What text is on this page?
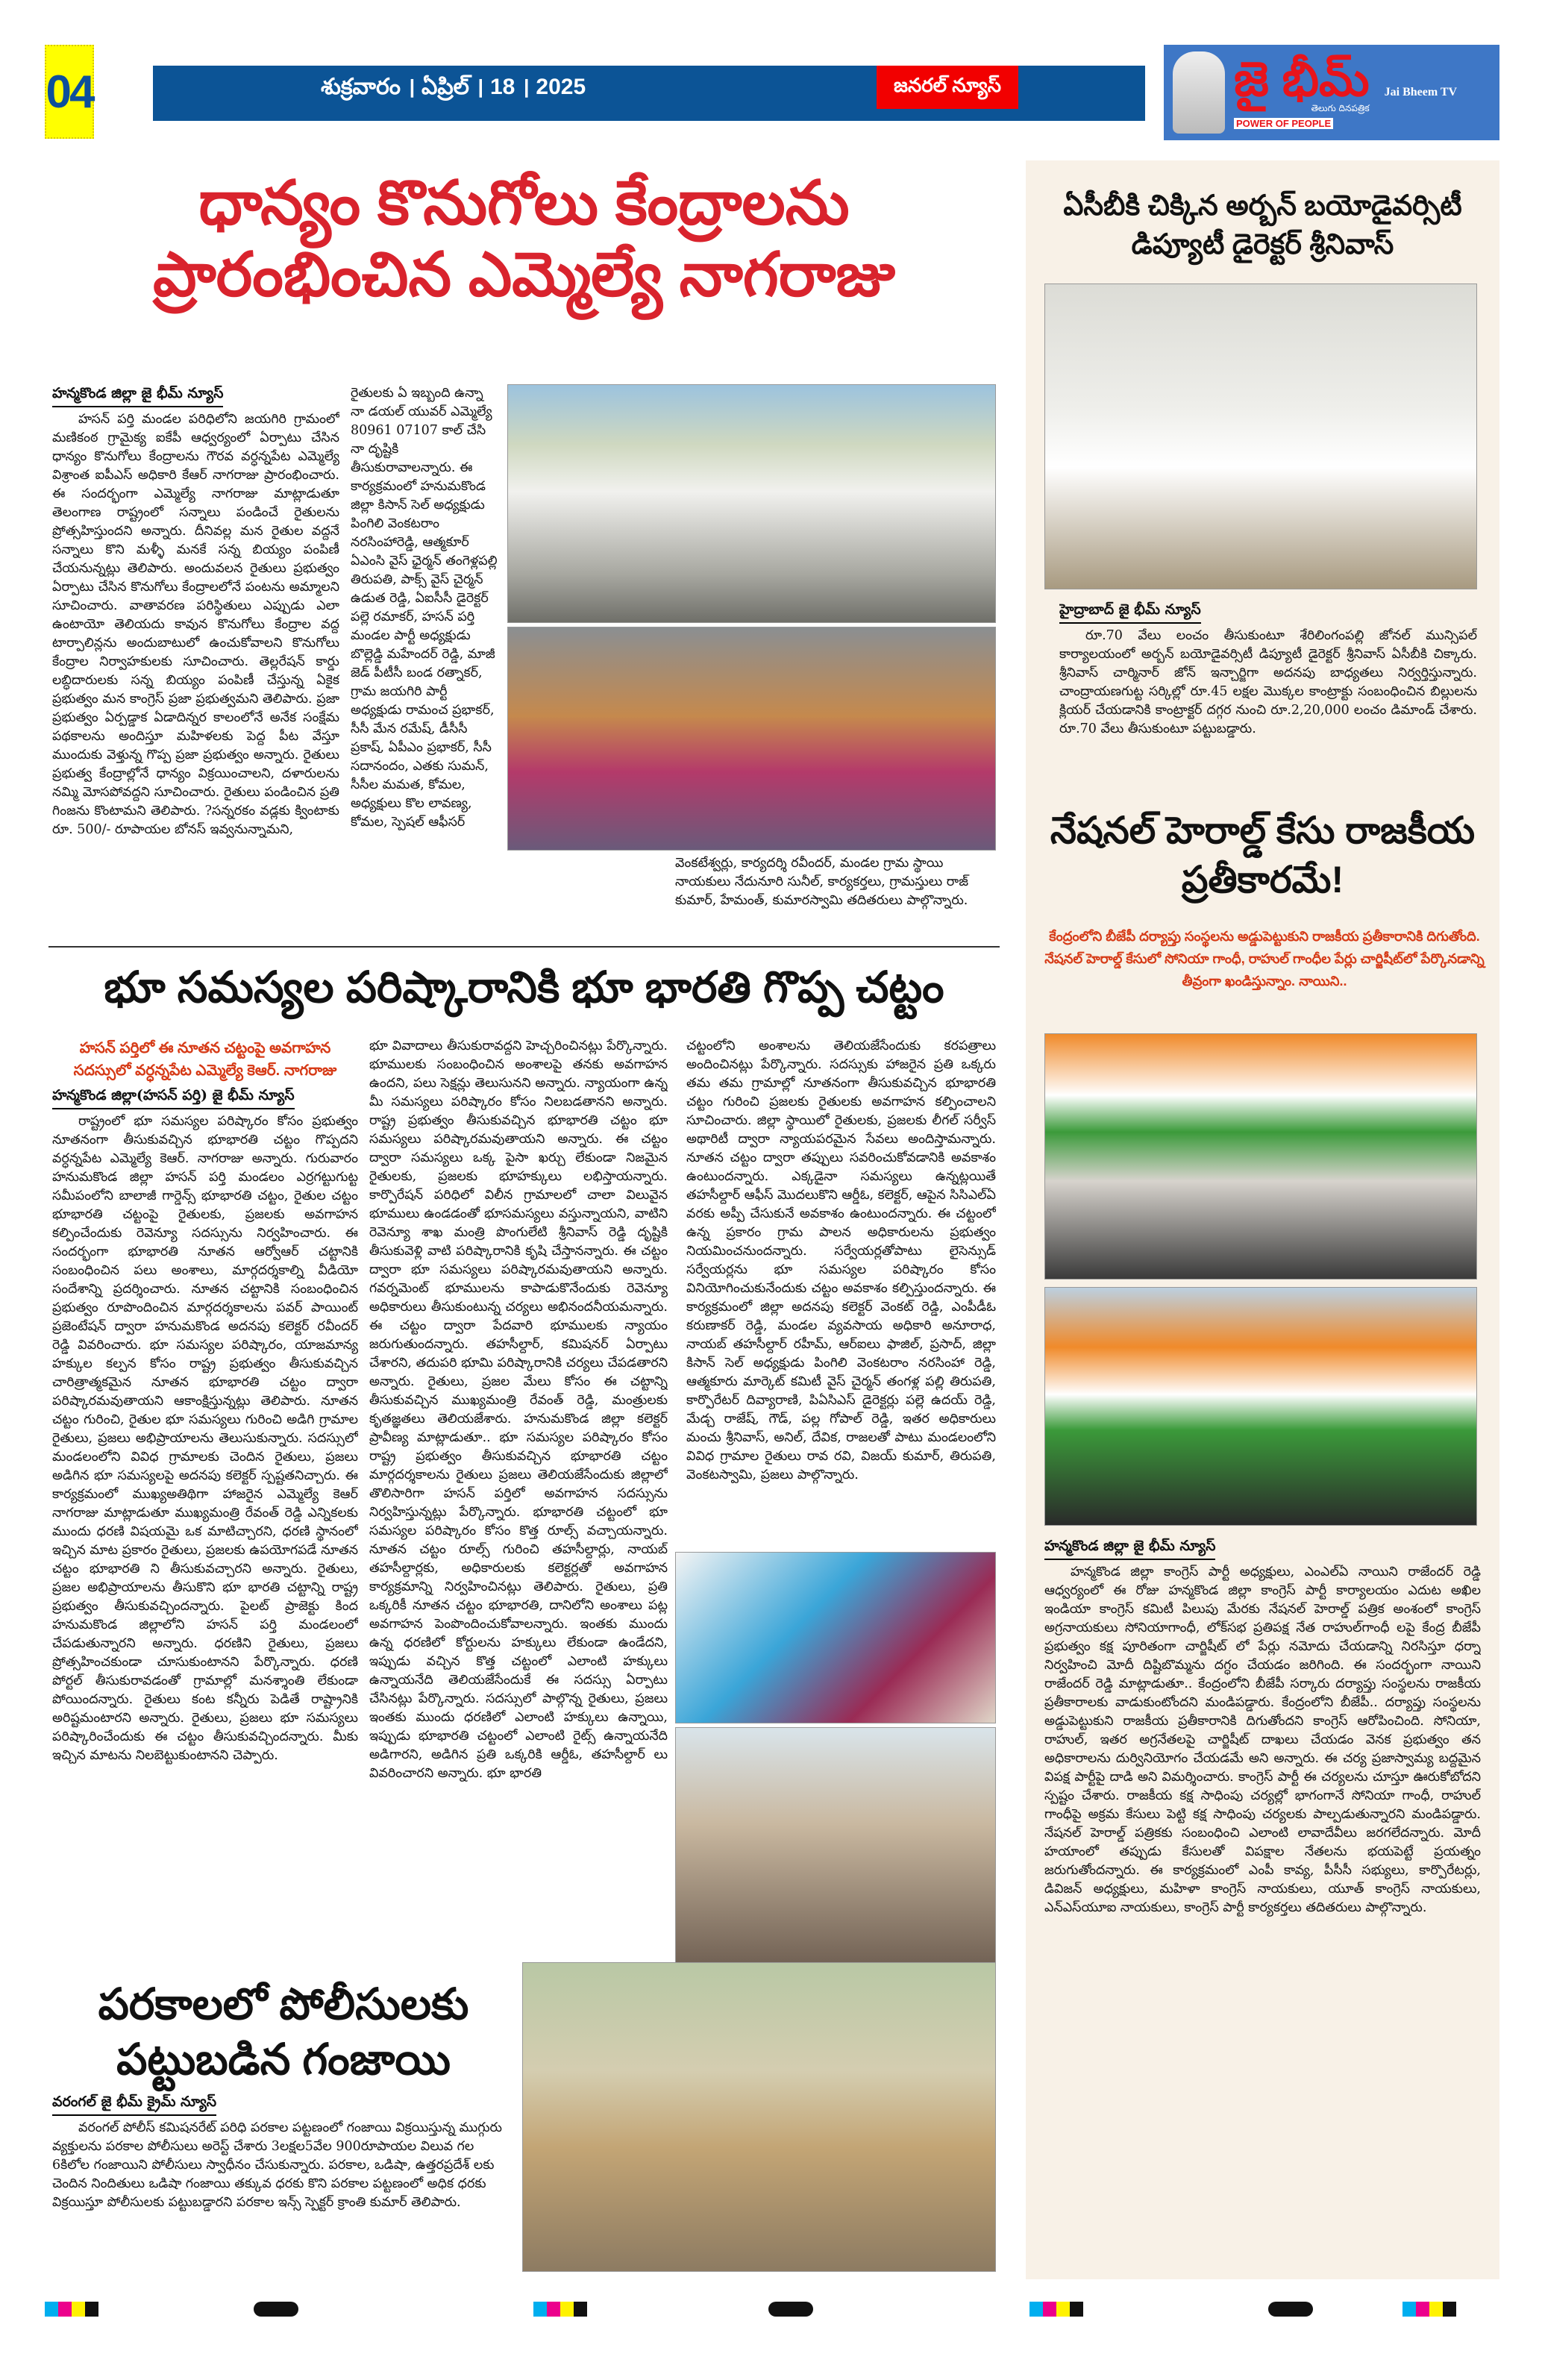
04	శుక్రవారం । ఏప్రిల్ । 18 । 2025	జనరల్ న్యూస్	జై భీమ్
తెలుగు దినపత్రిక
POWER OF PEOPLE
Jai Bheem TV
ధాన్యం కొనుగోలు కేంద్రాలను ప్రారంభించిన ఎమ్మెల్యే నాగరాజు
హన్మకొండ జిల్లా జై భీమ్ న్యూస్

హసన్ పర్తి మండల పరిధిలోని జయగిరి గ్రామంలో మణికంఠ గ్రామైక్య ఐకేపీ ఆధ్వర్యంలో ఏర్పాటు చేసిన ధాన్యం కొనుగోలు కేంద్రాలను గౌరవ వర్ధన్నపేట ఎమ్మెల్యే విశ్రాంత ఐపీఎస్ అధికారి కేఆర్ నాగరాజు ప్రారంభించారు. ఈ సందర్భంగా ఎమ్మెల్యే నాగరాజు మాట్లాడుతూ తెలంగాణ రాష్ట్రంలో సన్నాలు పండించే రైతులను ప్రోత్సహిస్తుందని అన్నారు. దీనివల్ల మన రైతుల వద్దనే సన్నాలు కొని మళ్ళీ మనకే సన్న బియ్యం పంపిణీ చేయనున్నట్లు తెలిపారు. అందువలన రైతులు ప్రభుత్వం ఏర్పాటు చేసిన కొనుగోలు కేంద్రాలలోనే పంటను అమ్మాలని సూచించారు. వాతావరణ పరిస్థితులు ఎప్పుడు ఎలా ఉంటాయో తెలియదు కావున కొనుగోలు కేంద్రాల వద్ద టార్పాలిన్లను అందుబాటులో ఉంచుకోవాలని కొనుగోలు కేంద్రాల నిర్వాహకులకు సూచించారు. తెల్లరేషన్ కార్డు లబ్ధిదారులకు సన్న బియ్యం పంపిణీ చేస్తున్న ఏకైక ప్రభుత్వం మన కాంగ్రెస్ ప్రజా ప్రభుత్వమని తెలిపారు. ప్రజా ప్రభుత్వం ఏర్పడ్డాక ఏడాదిన్నర కాలంలోనే అనేక సంక్షేమ పథకాలను అందిస్తూ మహిళలకు పెద్ద పీట వేస్తూ ముందుకు వెళ్తున్న గొప్ప ప్రజా ప్రభుత్వం అన్నారు. రైతులు ప్రభుత్వ కేంద్రాల్లోనే ధాన్యం విక్రయించాలని, దళారులను నమ్మి మోసపోవద్దని సూచించారు. రైతులు పండించిన ప్రతి గింజను కొంటామని తెలిపారు. ?సన్నరకం వడ్లకు క్వింటాకు రూ. 500/- రూపాయల బోనస్ ఇవ్వనున్నామని,

రైతులకు ఏ ఇబ్బంది ఉన్నా నా డయల్ యువర్ ఎమ్మెల్యే 80961 07107 కాల్ చేసి నా దృష్టికి తీసుకురావాలన్నారు. ఈ కార్యక్రమంలో హనుమకొండ జిల్లా కిసాన్ సెల్ అధ్యక్షుడు పింగిలి వెంకటరాం నరసింహారెడ్డి, ఆత్మకూర్ ఏఎంసి వైస్ ఛైర్మన్ తంగెళ్లపల్లి తిరుపతి, పాక్స్ వైస్ చైర్మన్ ఉడుత రెడ్డి, ఏఐసీసీ డైరెక్టర్ పల్లె రమాకర్, హసన్ పర్తి మండల పార్టీ అధ్యక్షుడు బొల్లెడ్డి మహేందర్ రెడ్డి, మాజీ జెడ్ పీటీసీ బండ రత్నాకర్, గ్రామ జయగిరి పార్టీ అధ్యక్షుడు రామంచ ప్రభాకర్, సీసీ మేన రమేష్, డీసీసీ ప్రకాష్, ఏపీఎం ప్రభాకర్, సీసీ సదానందం, ఎతకు సుమన్, సీసీల మమత, కోమల, అధ్యక్షులు కొల లావణ్య, కోమల, స్పెషల్ ఆఫీసర్
వెంకటేశ్వర్లు, కార్యదర్శి రవీందర్, మండల గ్రామ స్థాయి నాయకులు నేదునూరి సునీల్, కార్యకర్తలు, గ్రామస్తులు రాజ్ కుమార్, హేమంత్, కుమారస్వామి తదితరులు పాల్గొన్నారు.
భూ సమస్యల పరిష్కారానికి భూ భారతి గొప్ప చట్టం
హసన్ పర్తిలో ఈ నూతన చట్టంపై అవగాహన సదస్సులో వర్ధన్నపేట ఎమ్మెల్యే కెఆర్. నాగరాజు
హన్మకొండ జిల్లా(హసన్ పర్తి) జై భీమ్ న్యూస్

రాష్ట్రంలో భూ సమస్యల పరిష్కారం కోసం ప్రభుత్వం నూతనంగా తీసుకువచ్చిన భూభారతి చట్టం గొప్పదని వర్ధన్నపేట ఎమ్మెల్యే కెఆర్. నాగరాజు అన్నారు. గురువారం హనుమకొండ జిల్లా హసన్ పర్తి మండలం ఎర్రగట్టుగుట్ట సమీపంలోని బాలాజీ గార్డెన్స్ భూభారతి చట్టం, రైతుల చట్టం భూభారతి చట్టంపై రైతులకు, ప్రజలకు అవగాహన కల్పించేందుకు రెవెన్యూ సదస్సును నిర్వహించారు. ఈ సందర్భంగా భూభారతి నూతన ఆర్వోఆర్ చట్టానికి సంబంధించిన పలు అంశాలు, మార్గదర్శకాల్ని వీడియో సందేశాన్ని ప్రదర్శించారు. నూతన చట్టానికి సంబంధించిన ప్రభుత్వం రూపొందించిన మార్గదర్శకాలను పవర్ పాయింట్ ప్రజెంటేషన్ ద్వారా హనుమకొండ అదనపు కలెక్టర్ రవీందర్ రెడ్డి వివరించారు. భూ సమస్యల పరిష్కారం, యాజమాన్య హక్కుల కల్పన కోసం రాష్ట్ర ప్రభుత్వం తీసుకువచ్చిన చారిత్రాత్మకమైన నూతన భూభారతి చట్టం ద్వారా పరిష్కారమవుతాయని ఆకాంక్షిస్తున్నట్లు తెలిపారు. నూతన చట్టం గురించి, రైతుల భూ సమస్యలు గురించి అడిగి గ్రామాల రైతులు, ప్రజలు అభిప్రాయాలను తెలుసుకున్నారు. సదస్సులో మండలంలోని వివిధ గ్రామాలకు చెందిన రైతులు, ప్రజలు అడిగిన భూ సమస్యలపై అదనపు కలెక్టర్ స్పష్టతనిచ్చారు. ఈ కార్యక్రమంలో ముఖ్యఅతిథిగా హాజరైన ఎమ్మెల్యే కెఆర్ నాగరాజు మాట్లాడుతూ ముఖ్యమంత్రి రేవంత్ రెడ్డి ఎన్నికలకు ముందు ధరణి విషయమై ఒక మాటిచ్చారని, ధరణి స్థానంలో ఇచ్చిన మాట ప్రకారం రైతులు, ప్రజలకు ఉపయోగపడే నూతన చట్టం భూభారతి ని తీసుకువచ్చారని అన్నారు. రైతులు, ప్రజల అభిప్రాయాలను తీసుకొని భూ భారతి చట్టాన్ని రాష్ట్ర ప్రభుత్వం తీసుకువచ్చిందన్నారు. పైలట్ ప్రాజెక్టు కింద హనుమకొండ జిల్లాలోని హసన్ పర్తి మండలంలో చేపడుతున్నారని అన్నారు. ధరణిని రైతులు, ప్రజలు ప్రోత్సహించకుండా చూసుకుంటానని పేర్కొన్నారు. ధరణి పోర్టల్ తీసుకురావడంతో గ్రామాల్లో మనశ్శాంతి లేకుండా పోయిందన్నారు. రైతులు కంట కన్నీరు పెడితే రాష్ట్రానికి అరిష్టమంటారని అన్నారు. రైతులు, ప్రజలు భూ సమస్యలు పరిష్కారించేందుకు ఈ చట్టం తీసుకువచ్చిందన్నారు. మీకు ఇచ్చిన మాటను నిలబెట్టుకుంటానని చెప్పారు.

భూ వివాదాలు తీసుకురావద్దని హెచ్చరించినట్లు పేర్కొన్నారు. భూములకు సంబంధించిన అంశాలపై తనకు అవగాహన ఉందని, పలు సెక్షన్లు తెలుసునని అన్నారు. న్యాయంగా ఉన్న మీ సమస్యలు పరిష్కారం కోసం నిలబడతానని అన్నారు. రాష్ట్ర ప్రభుత్వం తీసుకువచ్చిన భూభారతి చట్టం భూ సమస్యలు పరిష్కారమవుతాయని అన్నారు. ఈ చట్టం ద్వారా సమస్యలు ఒక్క పైసా ఖర్చు లేకుండా నిజమైన రైతులకు, ప్రజలకు భూహక్కులు లభిస్తాయన్నారు. కార్పొరేషన్ పరిధిలో విలీన గ్రామాలలో చాలా విలువైన భూములు ఉండడంతో భూసమస్యలు వస్తున్నాయని, వాటిని రెవెన్యూ శాఖ మంత్రి పొంగులేటి శ్రీనివాస్ రెడ్డి దృష్టికి తీసుకువెళ్లి వాటి పరిష్కారానికి కృషి చేస్తానన్నారు. ఈ చట్టం ద్వారా భూ సమస్యలు పరిష్కారమవుతాయని అన్నారు. గవర్నమెంట్ భూములను కాపాడుకొనేందుకు రెవెన్యూ అధికారులు తీసుకుంటున్న చర్యలు అభినందనీయమన్నారు. ఈ చట్టం ద్వారా పేదవారి భూములకు న్యాయం జరుగుతుందన్నారు. తహసీల్దార్, కమిషనర్ ఏర్పాటు చేశారని, తదుపరి భూమి పరిష్కారానికి చర్యలు చేపడతారని అన్నారు. రైతులు, ప్రజల మేలు కోసం ఈ చట్టాన్ని తీసుకువచ్చిన ముఖ్యమంత్రి రేవంత్ రెడ్డి, మంత్రులకు కృతజ్ఞతలు తెలియజేశారు. హనుమకొండ జిల్లా కలెక్టర్ ప్రావీణ్య మాట్లాడుతూ.. భూ సమస్యల పరిష్కారం కోసం రాష్ట్ర ప్రభుత్వం తీసుకువచ్చిన భూభారతి చట్టం మార్గదర్శకాలను రైతులు ప్రజలు తెలియజేసేందుకు జిల్లాలో తొలిసారిగా హసన్ పర్తిలో అవగాహన సదస్సును నిర్వహిస్తున్నట్లు పేర్కొన్నారు. భూభారతి చట్టంలో భూ సమస్యల పరిష్కారం కోసం కొత్త రూల్స్ వచ్చాయన్నారు. నూతన చట్టం రూల్స్ గురించి తహసీల్దార్లు, నాయబ్ తహసీల్దార్లకు, అధికారులకు కలెక్టర్లతో అవగాహన కార్యక్రమాన్ని నిర్వహించినట్లు తెలిపారు. రైతులు, ప్రతి ఒక్కరికీ నూతన చట్టం భూభారతి, దానిలోని అంశాలు పట్ల అవగాహన పెంపొందించుకోవాలన్నారు. ఇంతకు ముందు ఉన్న ధరణిలో కోర్టులను హక్కులు లేకుండా ఉండేదని, ఇప్పుడు వచ్చిన కొత్త చట్టంలో ఎలాంటి హక్కులు ఉన్నాయనేది తెలియజేసేందుకే ఈ సదస్సు ఏర్పాటు చేసినట్లు పేర్కొన్నారు. సదస్సులో పాల్గొన్న రైతులు, ప్రజలు ఇంతకు ముందు ధరణిలో ఎలాంటి హక్కులు ఉన్నాయి, ఇప్పుడు భూభారతి చట్టంలో ఎలాంటి రైట్స్ ఉన్నాయనేది అడిగారని, అడిగిన ప్రతి ఒక్కరికి ఆర్డీఓ, తహసీల్దార్ లు వివరించారని అన్నారు. భూ భారతి
చట్టంలోని అంశాలను తెలియజేసేందుకు కరపత్రాలు అందించినట్లు పేర్కొన్నారు. సదస్సుకు హాజరైన ప్రతి ఒక్కరు తమ తమ గ్రామాల్లో నూతనంగా తీసుకువచ్చిన భూభారతి చట్టం గురించి ప్రజలకు రైతులకు అవగాహన కల్పించాలని సూచించారు. జిల్లా స్థాయిలో రైతులకు, ప్రజలకు లీగల్ సర్వీస్ అథారిటీ ద్వారా న్యాయపరమైన సేవలు అందిస్తామన్నారు. నూతన చట్టం ద్వారా తప్పులు సవరించుకోవడానికి అవకాశం ఉంటుందన్నారు. ఎక్కడైనా సమస్యలు ఉన్నట్లయితే తహసీల్దార్ ఆఫీస్ మొదలుకొని ఆర్డీఓ, కలెక్టర్, ఆపైన సిసిఎల్ఏ వరకు అప్పీ చేసుకునే అవకాశం ఉంటుందన్నారు. ఈ చట్టంలో ఉన్న ప్రకారం గ్రామ పాలన అధికారులను ప్రభుత్వం నియమించనుందన్నారు. సర్వేయర్లతోపాటు లైసెన్సుడ్ సర్వేయర్లను భూ సమస్యల పరిష్కారం కోసం వినియోగించుకునేందుకు చట్టం అవకాశం కల్పిస్తుందన్నారు. ఈ కార్యక్రమంలో జిల్లా అదనపు కలెక్టర్ వెంకట్ రెడ్డి, ఎంపీడీఓ కరుణాకర్ రెడ్డి, మండల వ్యవసాయ అధికారి అనూరాధ, నాయబ్ తహసీల్దార్ రహీమ్, ఆర్ఐలు ఫాజిల్, ప్రసాద్, జిల్లా కిసాన్ సెల్ అధ్యక్షుడు పింగిలి వెంకటరాం నరసింహా రెడ్డి, ఆత్మకూరు మార్కెట్ కమిటీ వైస్ చైర్మన్ తంగళ్ల పల్లి తిరుపతి, కార్పొరేటర్ దివ్యారాణి, పిఏసిఎస్ డైరెక్టర్లు పల్లె ఉదయ్ రెడ్డి, మేడ్చ రాజేష్, గౌడ్, పల్ల గోపాల్ రెడ్డి, ఇతర అధికారులు మంచు శ్రీనివాస్, అనిల్, దేవిక, రాజలతో పాటు మండలంలోని వివిధ గ్రామాల రైతులు రావ రవి, విజయ్ కుమార్, తిరుపతి, వెంకటస్వామి, ప్రజలు పాల్గొన్నారు.
పరకాలలో పోలీసులకు పట్టుబడిన గంజాయి
వరంగల్ జై భీమ్ క్రైమ్ న్యూస్

వరంగల్ పోలీస్ కమిషనరేట్ పరిధి పరకాల పట్టణంలో గంజాయి విక్రయిస్తున్న ముగ్గురు వ్యక్తులను పరకాల పోలీసులు అరెస్ట్ చేశారు 3లక్షల5వేల 900రూపాయల విలువ గల 6కిలోల గంజాయిని పోలీసులు స్వాధీనం చేసుకున్నారు. పరకాల, ఒడిషా, ఉత్తరప్రదేశ్ లకు చెందిన నిందితులు ఒడిషా గంజాయి తక్కువ ధరకు కొని పరకాల పట్టణంలో అధిక ధరకు విక్రయిస్తూ పోలీసులకు పట్టుబడ్డారని పరకాల ఇన్స్ స్పెక్టర్ క్రాంతి కుమార్ తెలిపారు.

ఏసీబీకి చిక్కిన అర్బన్ బయోడైవర్సిటీ డిప్యూటీ డైరెక్టర్ శ్రీనివాస్
హైద్రాబాద్ జై భీమ్ న్యూస్

రూ.70 వేలు లంచం తీసుకుంటూ శేరిలింగంపల్లి జోనల్ మున్సిపల్ కార్యాలయంలో అర్బన్ బయోడైవర్సిటీ డిప్యూటీ డైరెక్టర్ శ్రీనివాస్ ఏసీబీకి చిక్కారు. శ్రీనివాస్ చార్మినార్ జోన్ ఇన్చార్జిగా అదనపు బాధ్యతలు నిర్వర్తిస్తున్నారు. చాంద్రాయణగుట్ట సర్కిల్లో రూ.45 లక్షల మొక్కల కాంట్రాక్టు సంబంధించిన బిల్లులను క్లియర్ చేయడానికి కాంట్రాక్టర్ దగ్గర నుంచి రూ.2,20,000 లంచం డిమాండ్ చేశారు. రూ.70 వేలు తీసుకుంటూ పట్టుబడ్డారు.

నేషనల్ హెరాల్డ్ కేసు రాజకీయ ప్రతీకారమే!
కేంద్రంలోని బీజేపీ దర్యాప్తు సంస్థలను అడ్డుపెట్టుకుని రాజకీయ ప్రతీకారానికి దిగుతోంది.
నేషనల్ హెరాల్డ్ కేసులో సోనియా గాంధీ, రాహుల్ గాంధీల పేర్లు చార్జిషీట్‌లో పేర్కొనడాన్ని తీవ్రంగా ఖండిస్తున్నాం. నాయిని..
హన్మకొండ జిల్లా జై భీమ్ న్యూస్

హన్మకొండ జిల్లా కాంగ్రెస్ పార్టీ అధ్యక్షులు, ఎంఎల్ఏ నాయిని రాజేందర్ రెడ్డి ఆధ్వర్యంలో ఈ రోజు హన్మకొండ జిల్లా కాంగ్రెస్ పార్టీ కార్యాలయం ఎదుట అఖిల ఇండియా కాంగ్రెస్ కమిటీ పిలుపు మేరకు నేషనల్ హెరాల్డ్ పత్రిక అంశంలో కాంగ్రెస్ అగ్రనాయకులు సోనియాగాంధీ, లోక్‌సభ ప్రతిపక్ష నేత రాహుల్‌గాంధీ లపై కేంద్ర బీజేపీ ప్రభుత్వం కక్ష పూరితంగా చార్జిషీట్ లో పేర్లు నమోదు చేయడాన్ని నిరసిస్తూ ధర్నా నిర్వహించి మోదీ దిష్టిబొమ్మను దగ్ధం చేయడం జరిగింది. ఈ సందర్భంగా నాయిని రాజేందర్ రెడ్డి మాట్లాడుతూ.. కేంద్రంలోని బీజేపీ సర్కారు దర్యాప్తు సంస్థలను రాజకీయ ప్రతీకారాలకు వాడుకుంటోందని మండిపడ్డారు. కేంద్రంలోని బీజేపీ.. దర్యాప్తు సంస్థలను అడ్డుపెట్టుకుని రాజకీయ ప్రతీకారానికి దిగుతోందని కాంగ్రెస్ ఆరోపించింది. సోనియా, రాహుల్, ఇతర అగ్రనేతలపై చార్జిషీట్ దాఖలు చేయడం వెనక ప్రభుత్వం తన అధికారాలను దుర్వినియోగం చేయడమే అని అన్నారు. ఈ చర్య ప్రజాస్వామ్య బద్దమైన విపక్ష పార్టీపై దాడి అని విమర్శించారు. కాంగ్రెస్ పార్టీ ఈ చర్యలను చూస్తూ ఊరుకోబోదని స్పష్టం చేశారు. రాజకీయ కక్ష సాధింపు చర్యల్లో భాగంగానే సోనియా గాంధీ, రాహుల్ గాంధీపై అక్రమ కేసులు పెట్టి కక్ష సాధింపు చర్యలకు పాల్పడుతున్నారని మండిపడ్డారు. నేషనల్ హెరాల్డ్ పత్రికకు సంబంధించి ఎలాంటి లావాదేవీలు జరగలేదన్నారు. మోదీ హయాంలో తప్పుడు కేసులతో విపక్షాల నేతలను భయపెట్టే ప్రయత్నం జరుగుతోందన్నారు. ఈ కార్యక్రమంలో ఎంపీ కావ్య, పీసీసీ సభ్యులు, కార్పొరేటర్లు, డివిజన్ అధ్యక్షులు, మహిళా కాంగ్రెస్ నాయకులు, యూత్ కాంగ్రెస్ నాయకులు, ఎన్ఎస్‌యూఐ నాయకులు, కాంగ్రెస్ పార్టీ కార్యకర్తలు తదితరులు పాల్గొన్నారు.
